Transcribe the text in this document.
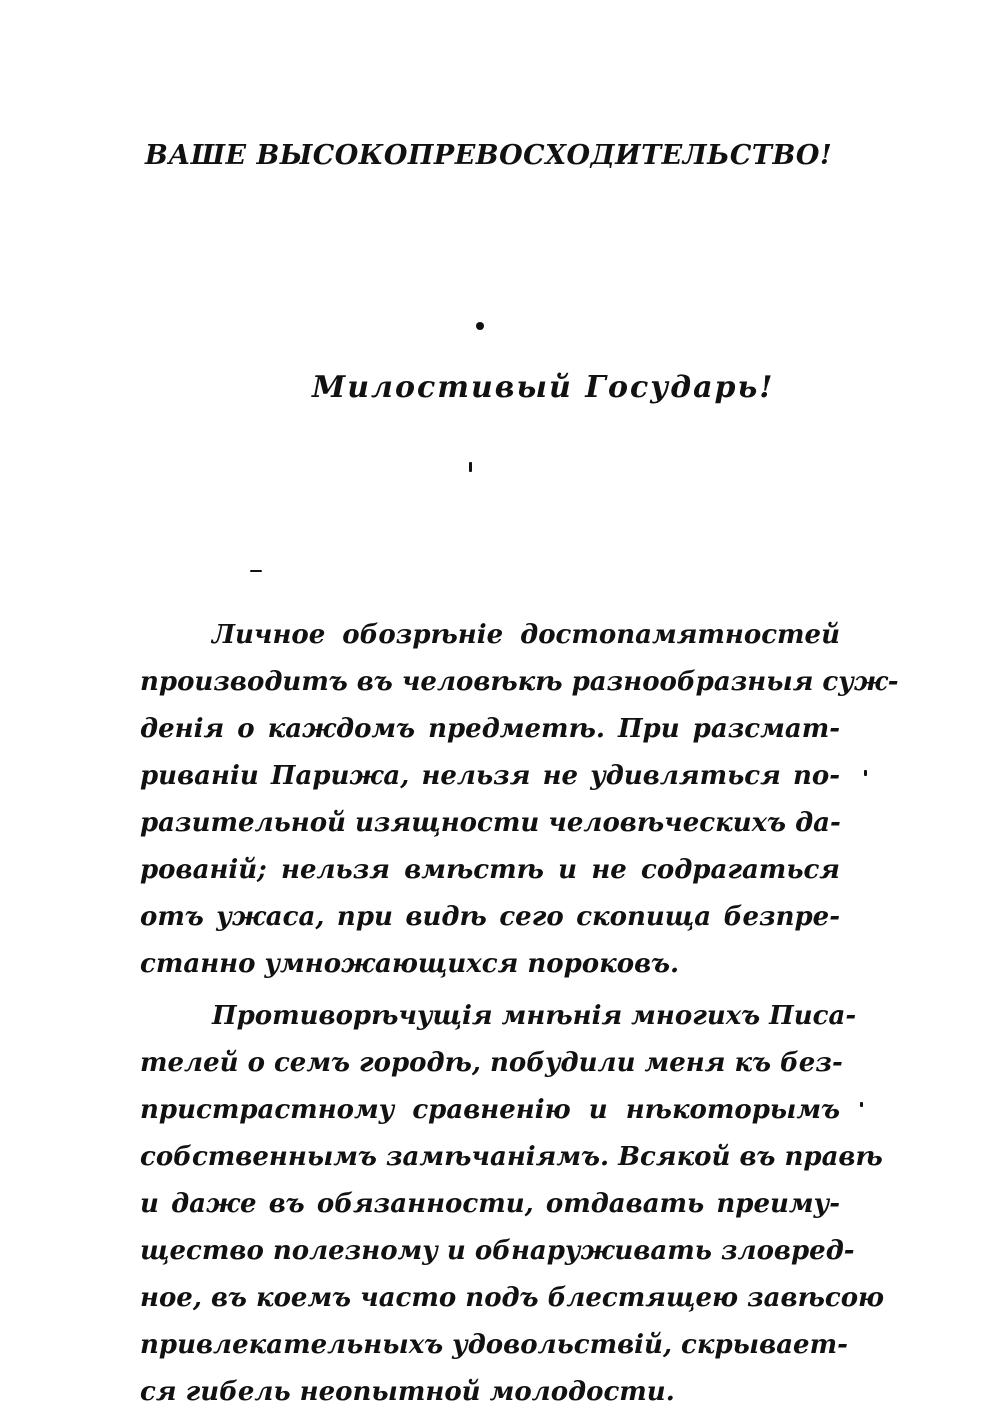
ВАШЕ ВЫСОКОПРЕВОСХОДИТЕЛЬСТВО!
Милостивый Государь!
Личное обозрѣніе достопамятностей
производитъ въ человѣкѣ разнообразныя суж-
денія о каждомъ предметѣ. При разсмат-
риваніи Парижа, нельзя не удивляться по-
разительной изящности человѣческихъ да-
рованій; нельзя вмѣстѣ и не содрагаться
отъ ужаса, при видѣ сего скопища безпре-
станно умножающихся пороковъ.
Противорѣчущія мнѣнія многихъ Писа-
телей о семъ городѣ, побудили меня къ без-
пристрастному сравненію и нѣкоторымъ
собственнымъ замѣчаніямъ. Всякой въ правѣ
и даже въ обязанности, отдавать преиму-
щество полезному и обнаруживать зловред-
ное, въ коемъ часто подъ блестящею завѣсою
привлекательныхъ удовольствій, скрывает-
ся гибель неопытной молодости.
